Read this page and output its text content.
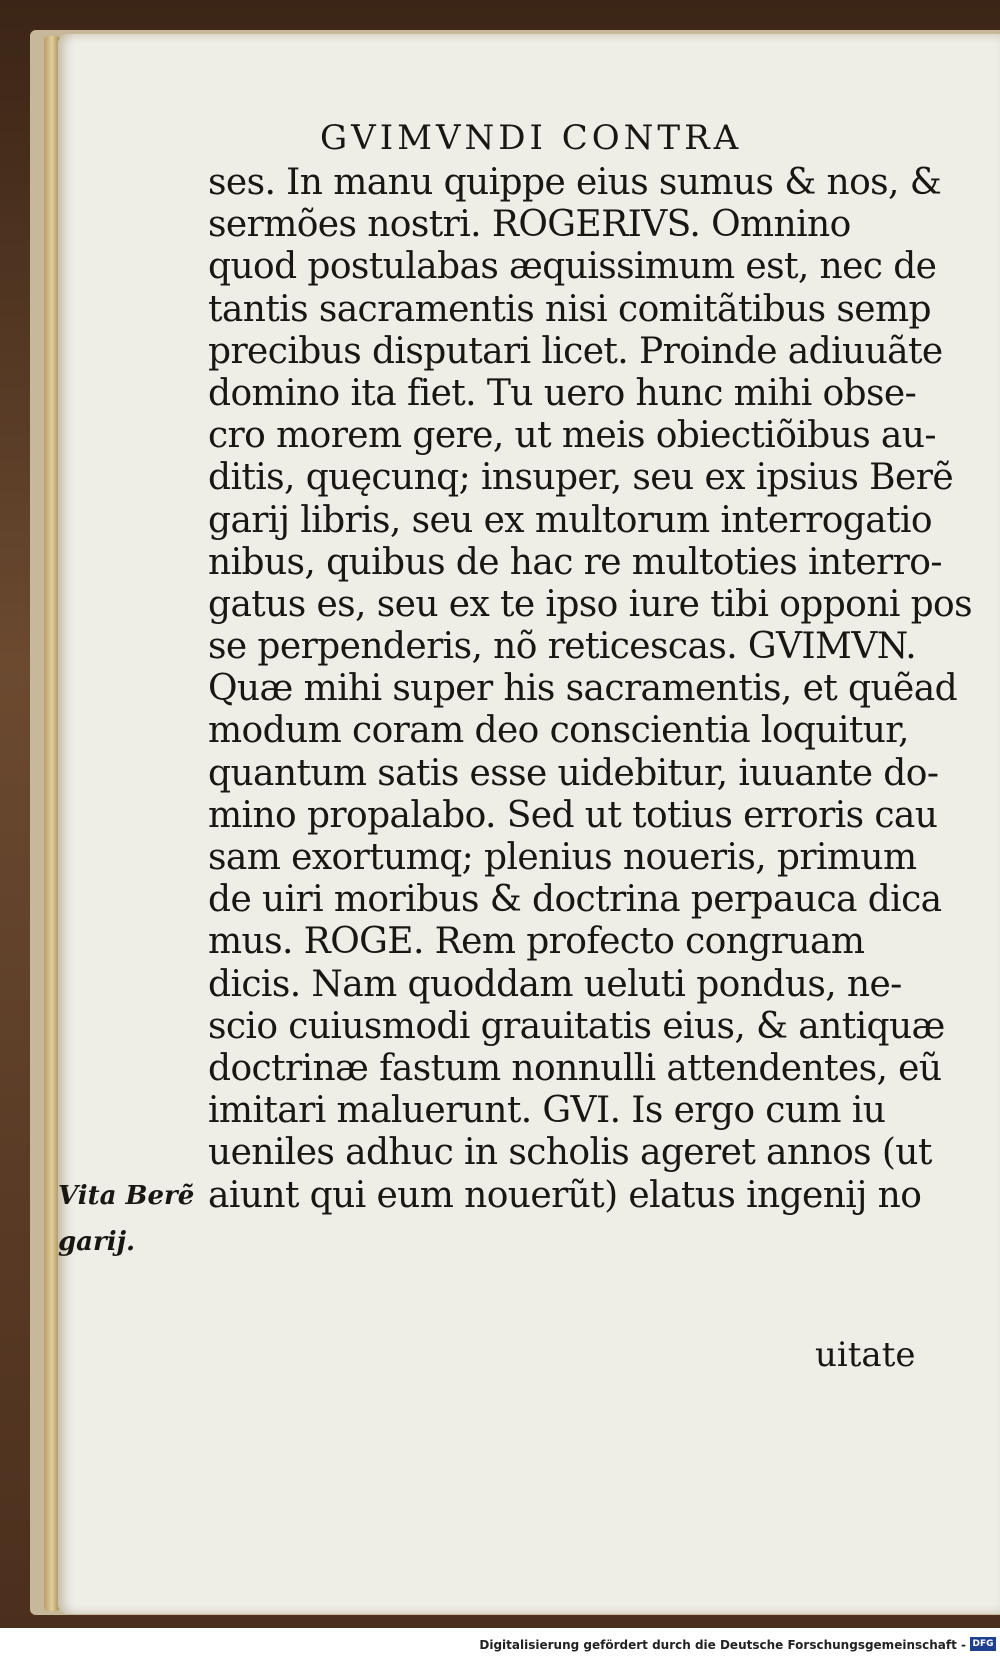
GVIMVNDI CONTRA
ses. In manu quippe eius sumus & nos, &
sermões nostri. ROGERIVS. Omnino
quod postulabas æquissimum est, nec de
tantis sacramentis nisi comitãtibus semp
precibus disputari licet. Proinde adiuuãte
domino ita fiet. Tu uero hunc mihi obse-
cro morem gere, ut meis obiectiõibus au-
ditis, quęcunq; insuper, seu ex ipsius Berẽ
garij libris, seu ex multorum interrogatio
nibus, quibus de hac re multoties interro-
gatus es, seu ex te ipso iure tibi opponi pos
se perpenderis, nõ reticescas. GVIMVN.
Quæ mihi super his sacramentis, et quẽad
modum coram deo conscientia loquitur,
quantum satis esse uidebitur, iuuante do-
mino propalabo. Sed ut totius erroris cau
sam exortumq; plenius noueris, primum
de uiri moribus & doctrina perpauca dica
mus. ROGE. Rem profecto congruam
dicis. Nam quoddam ueluti pondus, ne-
scio cuiusmodi grauitatis eius, & antiquæ
doctrinæ fastum nonnulli attendentes, eũ
imitari maluerunt. GVI. Is ergo cum iu
ueniles adhuc in scholis ageret annos (ut
aiunt qui eum nouerũt) elatus ingenij no
Vita Berẽ
garij.
uitate
Digitalisierung gefördert durch die Deutsche Forschungsgemeinschaft - DFG
